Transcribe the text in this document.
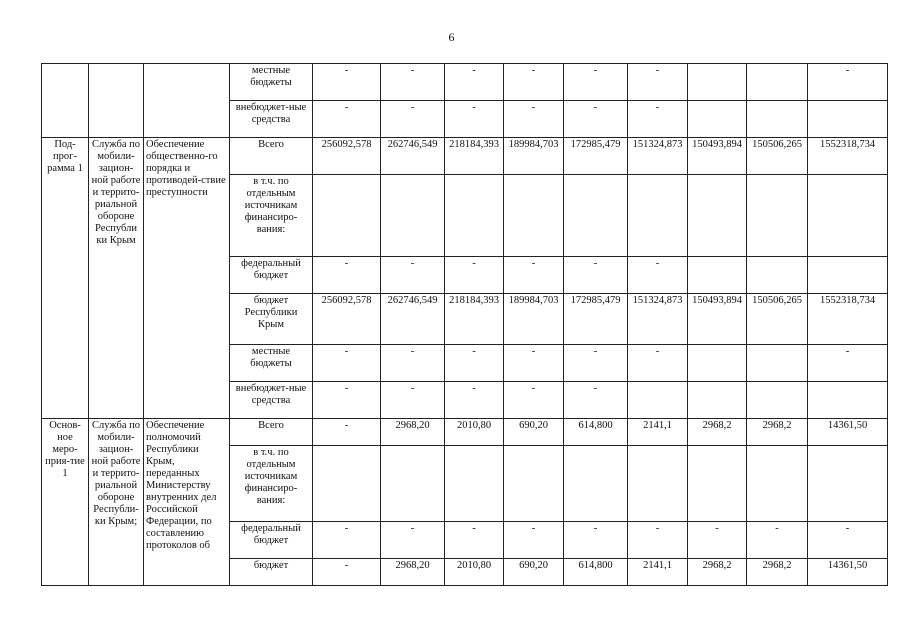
6
			местные бюджеты	-	-	-	-	-	-			-
			внебюджет-ные средства	-	-	-	-	-	-			
Под-прог-рамма 1	Служба по мобили-зацион-ной работе и террито-риальной обороне Республи ки Крым	Обеспечение общественно-го порядка и противодей-ствие преступности	Всего	256092,578	262746,549	218184,393	189984,703	172985,479	151324,873	150493,894	150506,265	1552318,734
			в т.ч. по отдельным источникам финансиро-вания:									
			федеральный бюджет	-	-	-	-	-	-			
			бюджет Республики Крым	256092,578	262746,549	218184,393	189984,703	172985,479	151324,873	150493,894	150506,265	1552318,734
			местные бюджеты	-	-	-	-	-	-			-
			внебюджет-ные средства	-	-	-	-	-				
Основ-ное меро-прия-тие 1	Служба по мобили-зацион-ной работе и террито-риальной обороне Республи-ки Крым;	Обеспечение полномочий Республики Крым, переданных Министерству внутренних дел Российской Федерации, по составлению протоколов об	Всего	-	2968,20	2010,80	690,20	614,800	2141,1	2968,2	2968,2	14361,50
			в т.ч. по отдельным источникам финансиро-вания:									
			федеральный бюджет	-	-	-	-	-	-	-	-	-
			бюджет	-	2968,20	2010,80	690,20	614,800	2141,1	2968,2	2968,2	14361,50
